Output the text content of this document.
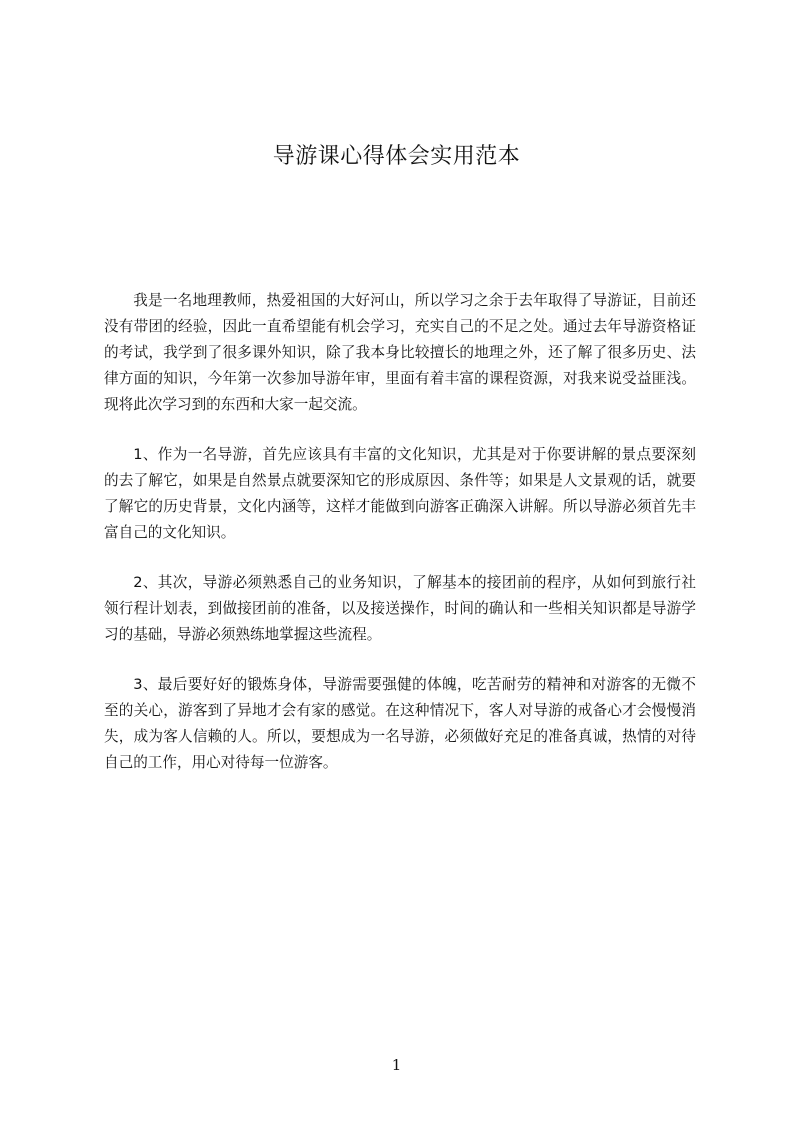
导游课心得体会实用范本

我是一名地理教师，热爱祖国的大好河山，所以学习之余于去年取得了导游证，目前还没有带团的经验，因此一直希望能有机会学习，充实自己的不足之处。通过去年导游资格证的考试，我学到了很多课外知识，除了我本身比较擅长的地理之外，还了解了很多历史、法律方面的知识，今年第一次参加导游年审，里面有着丰富的课程资源，对我来说受益匪浅。现将此次学习到的东西和大家一起交流。

1、作为一名导游，首先应该具有丰富的文化知识，尤其是对于你要讲解的景点要深刻的去了解它，如果是自然景点就要深知它的形成原因、条件等；如果是人文景观的话，就要了解它的历史背景，文化内涵等，这样才能做到向游客正确深入讲解。所以导游必须首先丰富自己的文化知识。

2、其次，导游必须熟悉自己的业务知识，了解基本的接团前的程序，从如何到旅行社领行程计划表，到做接团前的准备，以及接送操作，时间的确认和一些相关知识都是导游学习的基础，导游必须熟练地掌握这些流程。

3、最后要好好的锻炼身体，导游需要强健的体魄，吃苦耐劳的精神和对游客的无微不至的关心，游客到了异地才会有家的感觉。在这种情况下，客人对导游的戒备心才会慢慢消失，成为客人信赖的人。所以，要想成为一名导游，必须做好充足的准备真诚，热情的对待自己的工作，用心对待每一位游客。

1
